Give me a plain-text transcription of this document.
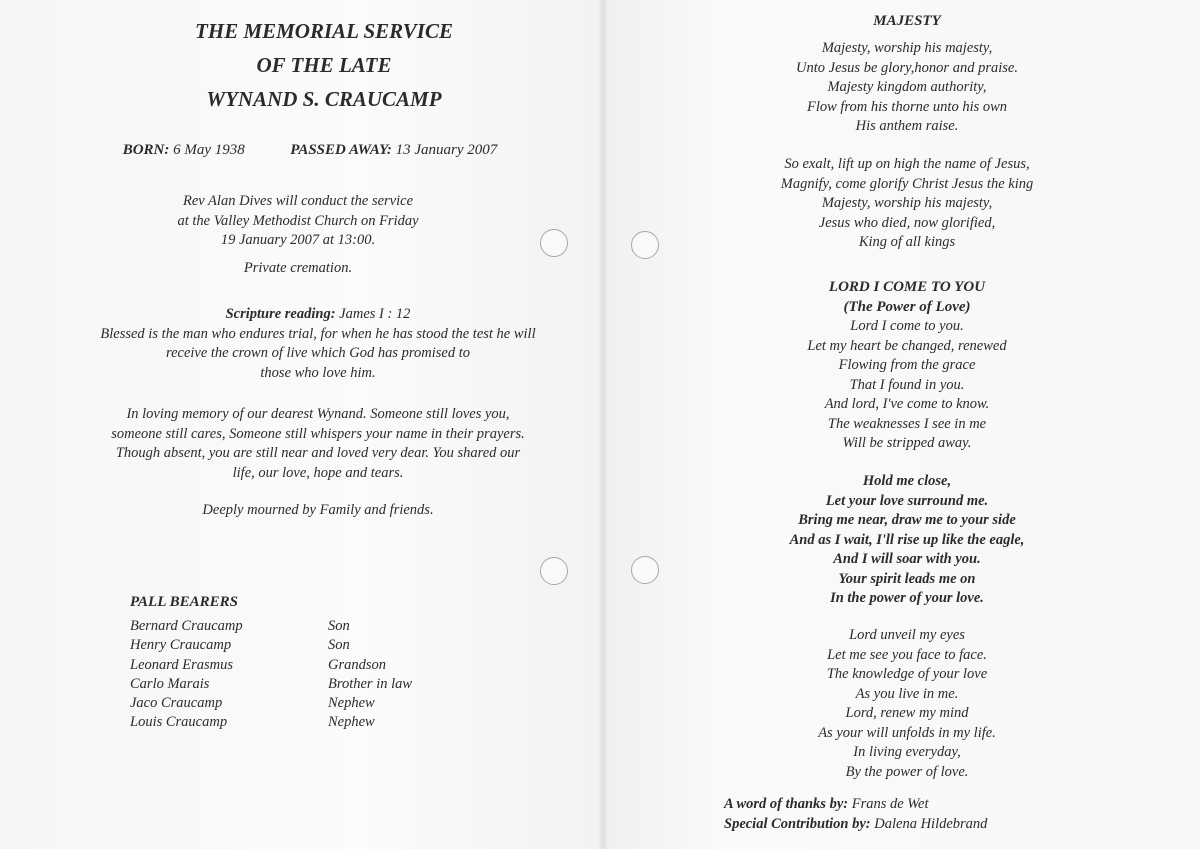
THE MEMORIAL SERVICE
OF THE LATE
WYNAND S. CRAUCAMP
BORN: 6 May 1938	PASSED AWAY: 13 January 2007
Rev Alan Dives will conduct the service
at the Valley Methodist Church on Friday
19 January 2007 at 13:00.
Private cremation.
Scripture reading: James I : 12
Blessed is the man who endures trial, for when he has stood the test he will
receive the crown of live which God has promised to
those who love him.
In loving memory of our dearest Wynand. Someone still loves you,
someone still cares, Someone still whispers your name in their prayers.
Though absent, you are still near and loved very dear. You shared our
life, our love, hope and tears.
Deeply mourned by Family and friends.
PALL BEARERS
Bernard Craucamp
Henry Craucamp
Leonard Erasmus
Carlo Marais
Jaco Craucamp
Louis Craucamp
Son
Son
Grandson
Brother in law
Nephew
Nephew
MAJESTY
Majesty, worship his majesty,
Unto Jesus be glory,honor and praise.
Majesty kingdom authority,
Flow from his thorne unto his own
His anthem raise.
So exalt, lift up on high the name of Jesus,
Magnify, come glorify Christ Jesus the king
Majesty, worship his majesty,
Jesus who died, now glorified,
King of all kings
LORD I COME TO YOU
(The Power of Love)
Lord I come to you.
Let my heart be changed, renewed
Flowing from the grace
That I found in you.
And lord, I've come to know.
The weaknesses I see in me
Will be stripped away.
Hold me close,
Let your love surround me.
Bring me near, draw me to your side
And as I wait, I'll rise up like the eagle,
And I will soar with you.
Your spirit leads me on
In the power of your love.
Lord unveil my eyes
Let me see you face to face.
The knowledge of your love
As you live in me.
Lord, renew my mind
As your will unfolds in my life.
In living everyday,
By the power of love.
A word of thanks by: Frans de Wet
Special Contribution by: Dalena Hildebrand
